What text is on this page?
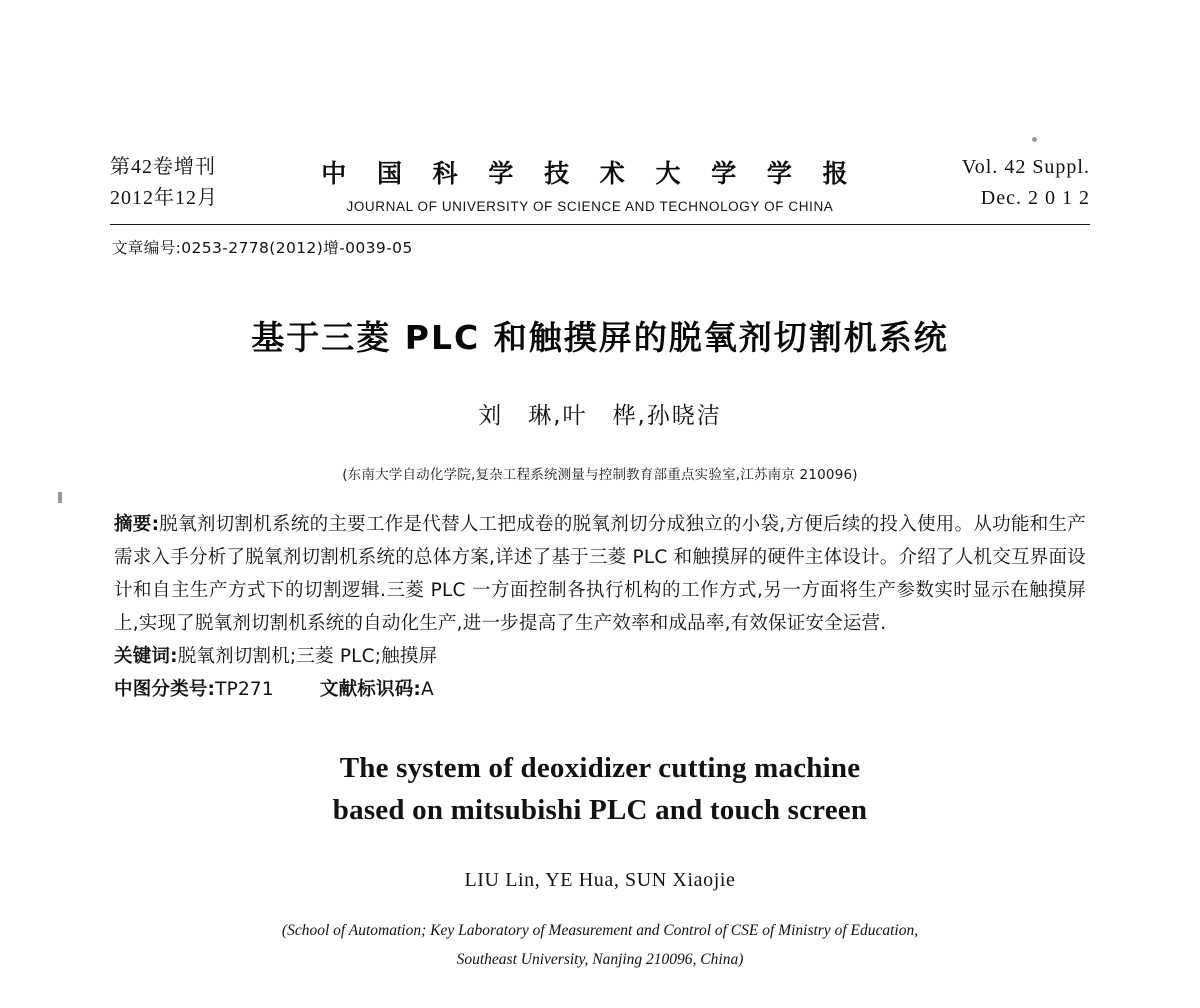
第42卷增刊
2012年12月
中 国 科 学 技 术 大 学 学 报
JOURNAL OF UNIVERSITY OF SCIENCE AND TECHNOLOGY OF CHINA
Vol. 42 Suppl.
Dec. 2 0 1 2
文章编号:0253-2778(2012)增-0039-05
基于三菱 PLC 和触摸屏的脱氧剂切割机系统
刘　琳,叶　桦,孙晓洁
(东南大学自动化学院,复杂工程系统测量与控制教育部重点实验室,江苏南京 210096)
摘要:脱氧剂切割机系统的主要工作是代替人工把成卷的脱氧剂切分成独立的小袋,方便后续的投入使用。从功能和生产需求入手分析了脱氧剂切割机系统的总体方案,详述了基于三菱 PLC 和触摸屏的硬件主体设计。介绍了人机交互界面设计和自主生产方式下的切割逻辑.三菱 PLC 一方面控制各执行机构的工作方式,另一方面将生产参数实时显示在触摸屏上,实现了脱氧剂切割机系统的自动化生产,进一步提高了生产效率和成品率,有效保证安全运营.
关键词:脱氧剂切割机;三菱 PLC;触摸屏
中图分类号:TP271 文献标识码:A
The system of deoxidizer cutting machine
based on mitsubishi PLC and touch screen
LIU Lin, YE Hua, SUN Xiaojie
(School of Automation; Key Laboratory of Measurement and Control of CSE of Ministry of Education,
Southeast University, Nanjing 210096, China)
